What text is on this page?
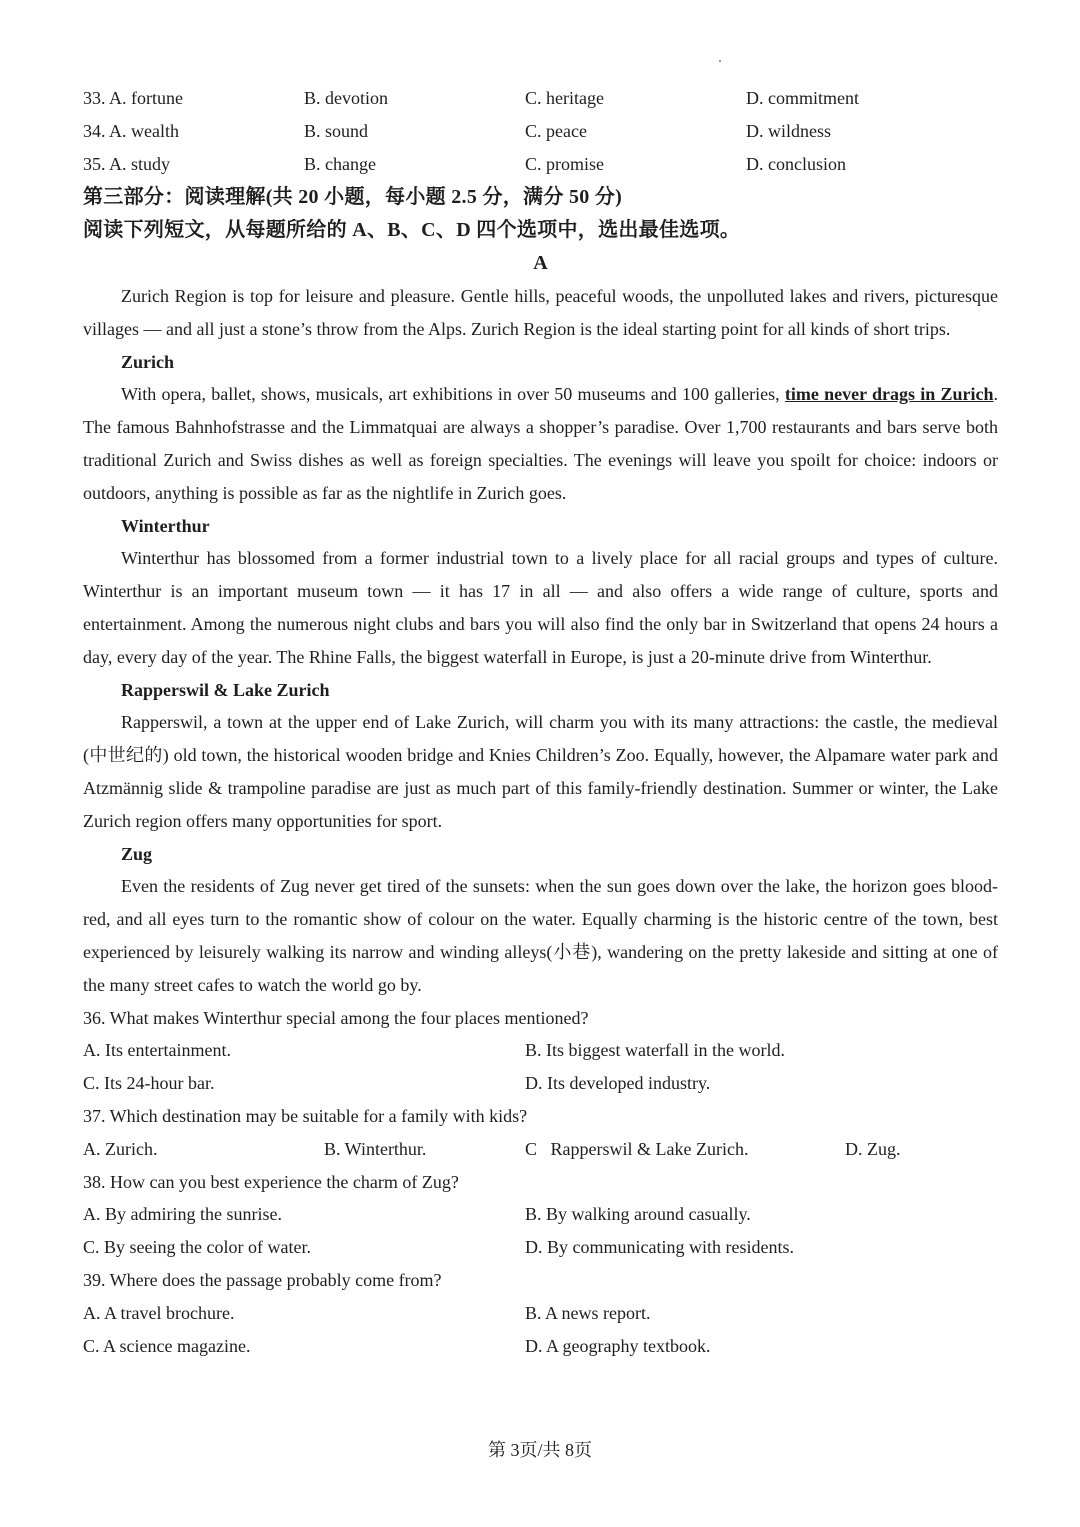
33. A. fortune	B. devotion	C. heritage	D. commitment
34. A. wealth	B. sound	C. peace	D. wildness
35. A. study	B. change	C. promise	D. conclusion
第三部分：阅读理解(共 20 小题，每小题 2.5 分，满分 50 分)
阅读下列短文，从每题所给的 A、B、C、D 四个选项中，选出最佳选项。
A

Zurich Region is top for leisure and pleasure. Gentle hills, peaceful woods, the unpolluted lakes and rivers, picturesque villages — and all just a stone’s throw from the Alps. Zurich Region is the ideal starting point for all kinds of short trips.

Zurich

With opera, ballet, shows, musicals, art exhibitions in over 50 museums and 100 galleries, time never drags in Zurich. The famous Bahnhofstrasse and the Limmatquai are always a shopper’s paradise. Over 1,700 restaurants and bars serve both traditional Zurich and Swiss dishes as well as foreign specialties. The evenings will leave you spoilt for choice: indoors or outdoors, anything is possible as far as the nightlife in Zurich goes.

Winterthur

Winterthur has blossomed from a former industrial town to a lively place for all racial groups and types of culture. Winterthur is an important museum town — it has 17 in all — and also offers a wide range of culture, sports and entertainment. Among the numerous night clubs and bars you will also find the only bar in Switzerland that opens 24 hours a day, every day of the year. The Rhine Falls, the biggest waterfall in Europe, is just a 20-minute drive from Winterthur.

Rapperswil & Lake Zurich

Rapperswil, a town at the upper end of Lake Zurich, will charm you with its many attractions: the castle, the medieval (中世纪的) old town, the historical wooden bridge and Knies Children’s Zoo. Equally, however, the Alpamare water park and Atzmännig slide & trampoline paradise are just as much part of this family-friendly destination. Summer or winter, the Lake Zurich region offers many opportunities for sport.

Zug

Even the residents of Zug never get tired of the sunsets: when the sun goes down over the lake, the horizon goes blood-red, and all eyes turn to the romantic show of colour on the water. Equally charming is the historic centre of the town, best experienced by leisurely walking its narrow and winding alleys(小巷), wandering on the pretty lakeside and sitting at one of the many street cafes to watch the world go by.

36. What makes Winterthur special among the four places mentioned?
A. Its entertainment.	B. Its biggest waterfall in the world.
C. Its 24-hour bar.	D. Its developed industry.
37. Which destination may be suitable for a family with kids?
A. Zurich.	B. Winterthur.	C   Rapperswil & Lake Zurich.	D. Zug.
38. How can you best experience the charm of Zug?
A. By admiring the sunrise.	B. By walking around casually.
C. By seeing the color of water.	D. By communicating with residents.
39. Where does the passage probably come from?
A. A travel brochure.	B. A news report.
C. A science magazine.	D. A geography textbook.
第 3页/共 8页
